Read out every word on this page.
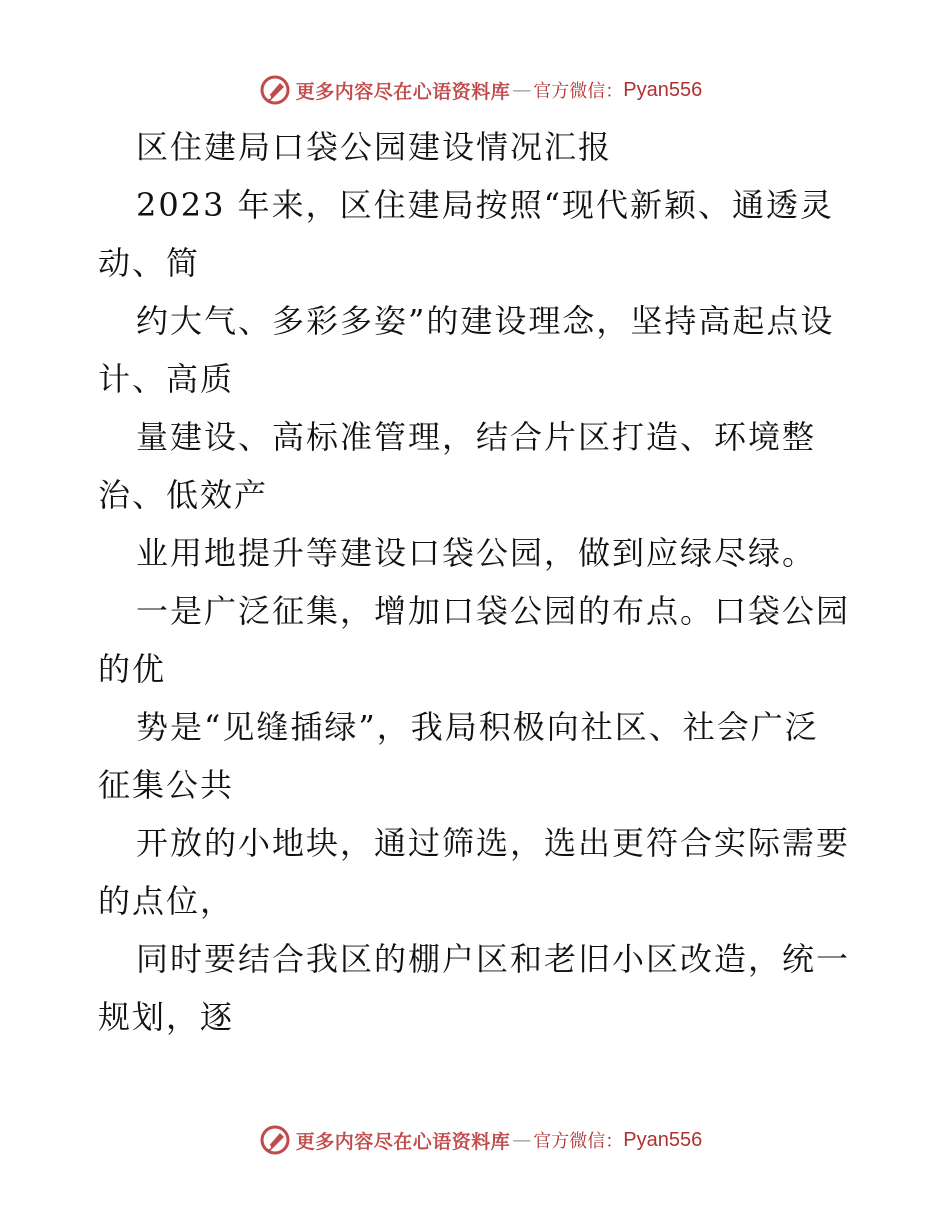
更多内容尽在心语资料库 — 官方微信： Pyan556
区住建局口袋公园建设情况汇报
2023 年来，区住建局按照“现代新颖、通透灵
动、简
约大气、多彩多姿”的建设理念，坚持高起点设
计、高质
量建设、高标准管理，结合片区打造、环境整
治、低效产
业用地提升等建设口袋公园，做到应绿尽绿。
一是广泛征集，增加口袋公园的布点。口袋公园
的优
势是“见缝插绿”，我局积极向社区、社会广泛
征集公共
开放的小地块，通过筛选，选出更符合实际需要
的点位，
同时要结合我区的棚户区和老旧小区改造，统一
规划，逐
更多内容尽在心语资料库 — 官方微信： Pyan556
